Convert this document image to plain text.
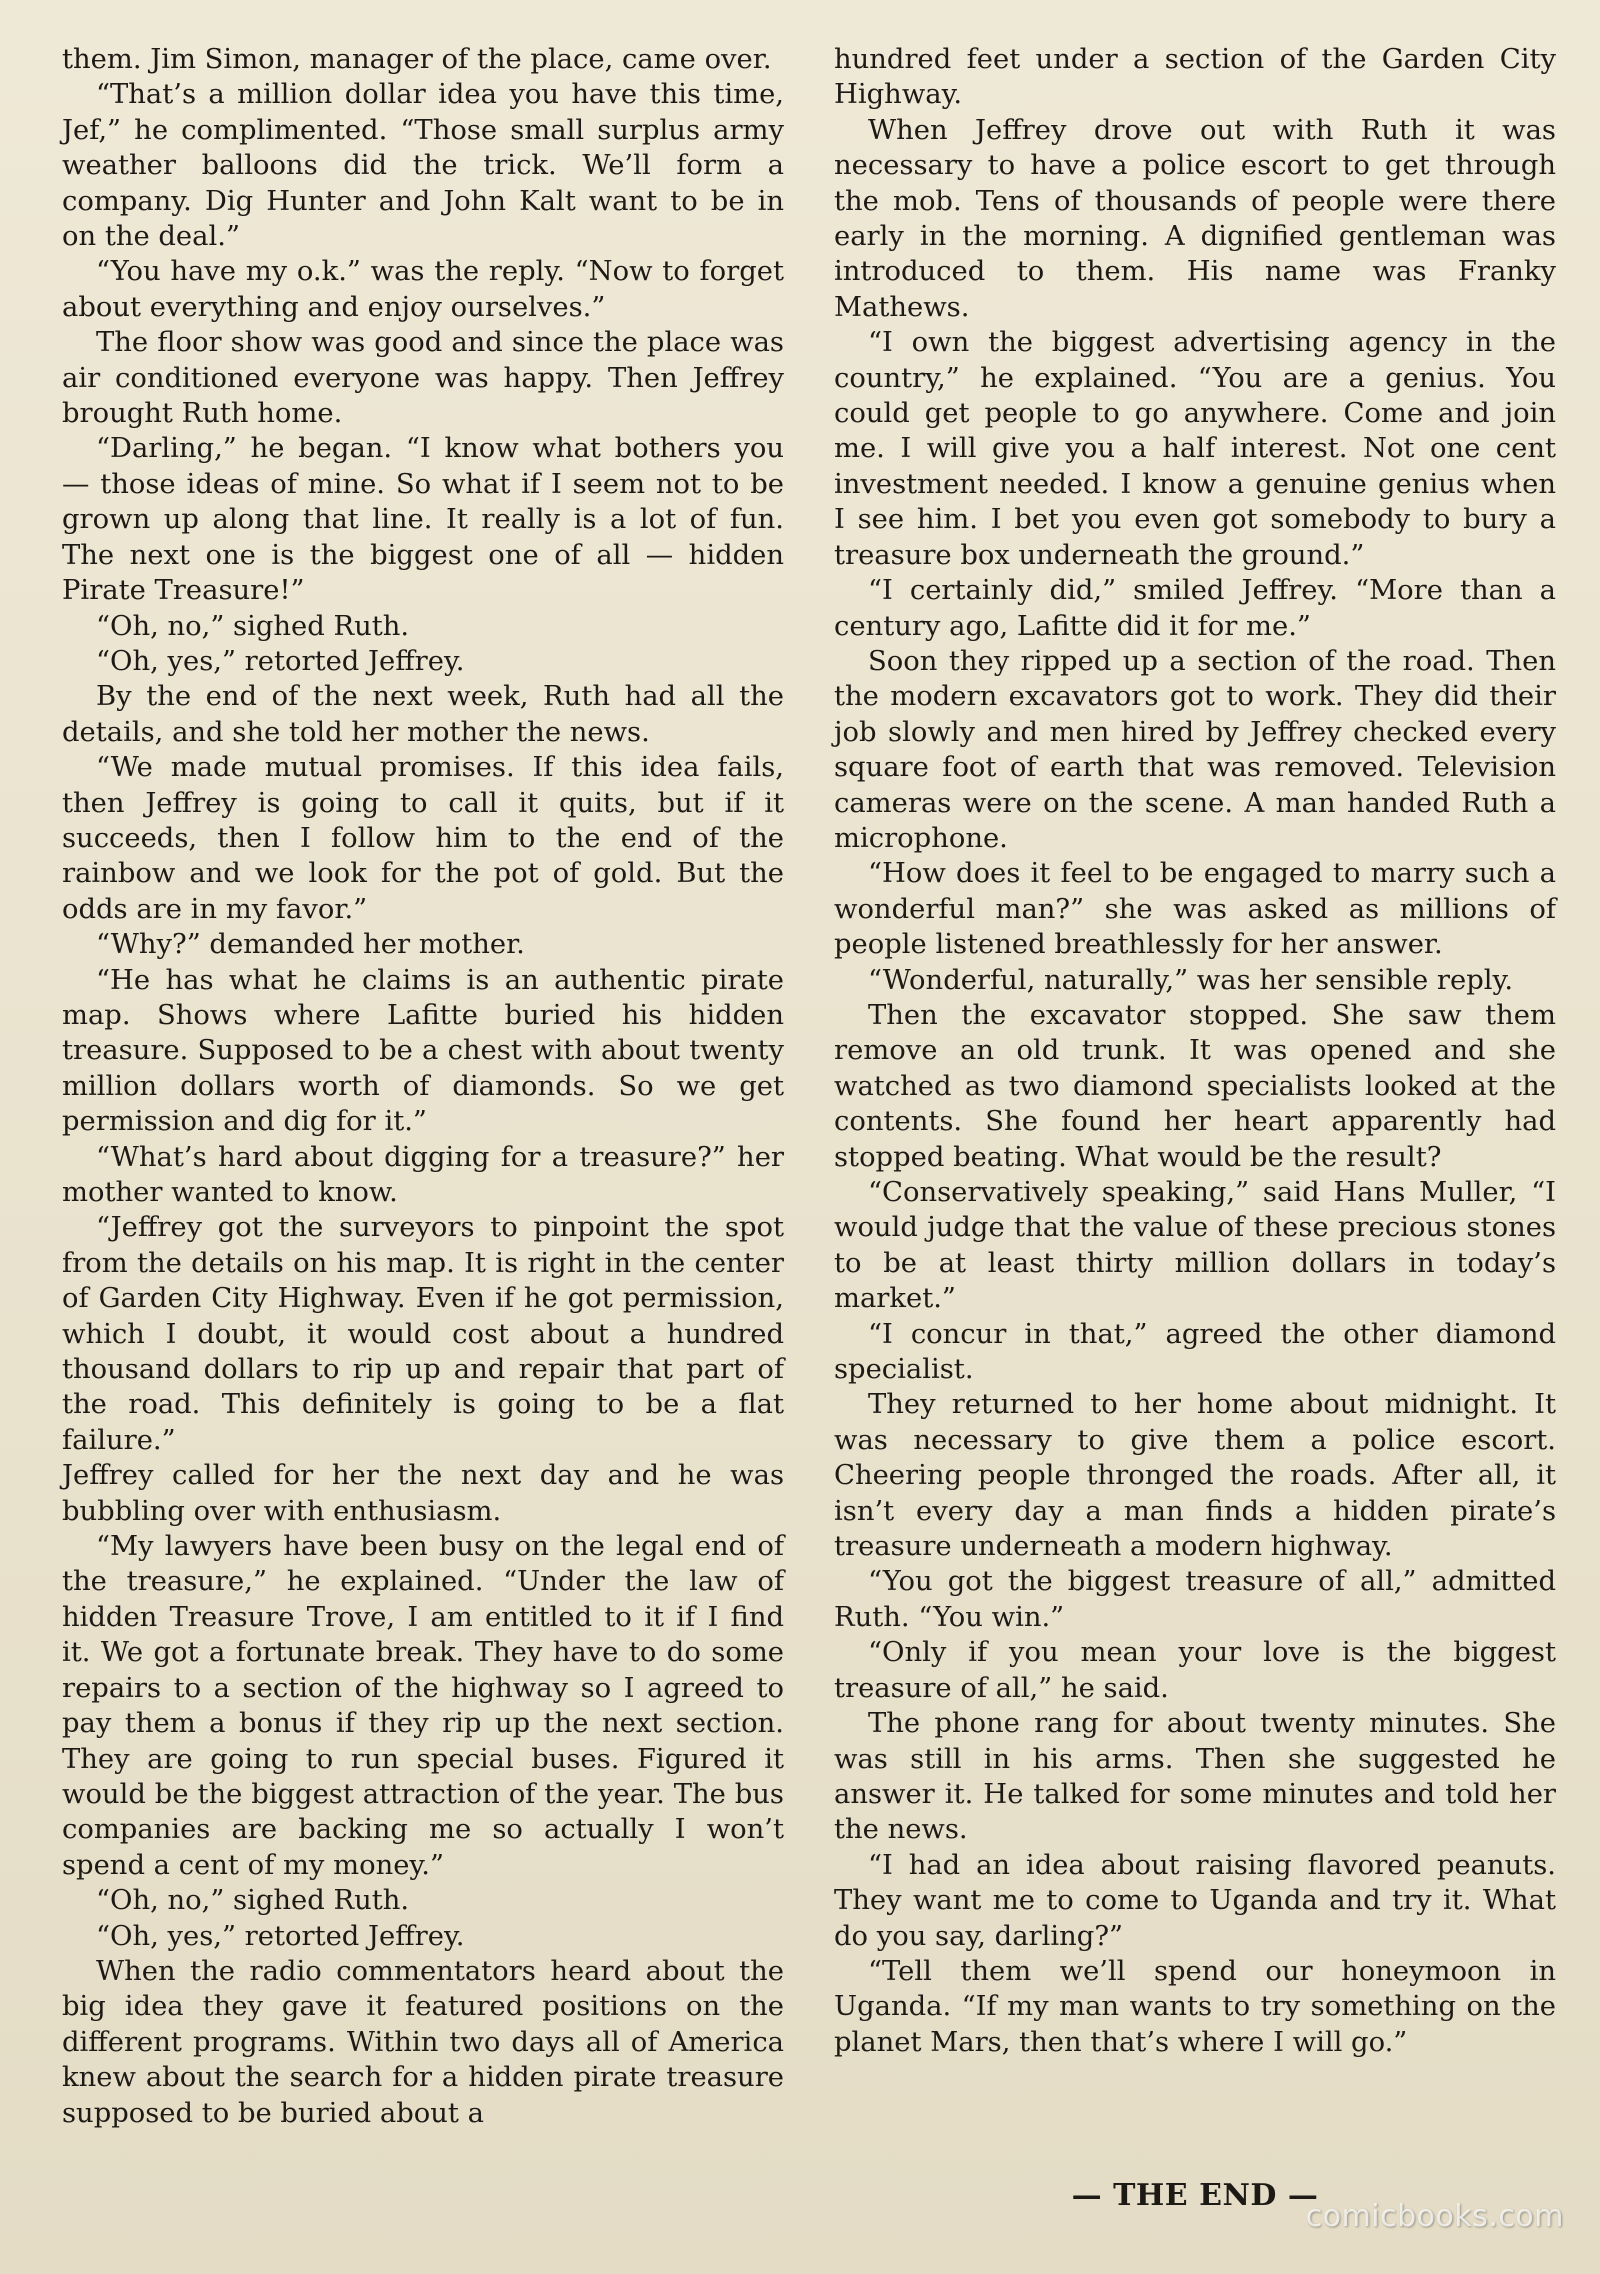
them. Jim Simon, manager of the place, came over.

“That’s a million dollar idea you have this time, Jef,” he complimented. “Those small surplus army weather balloons did the trick. We’ll form a company. Dig Hunter and John Kalt want to be in on the deal.”

“You have my o.k.” was the reply. “Now to forget about everything and enjoy ourselves.”

The floor show was good and since the place was air conditioned everyone was happy. Then Jeffrey brought Ruth home.

“Darling,” he began. “I know what bothers you — those ideas of mine. So what if I seem not to be grown up along that line. It really is a lot of fun. The next one is the biggest one of all — hidden Pirate Treasure!”

“Oh, no,” sighed Ruth.

“Oh, yes,” retorted Jeffrey.

By the end of the next week, Ruth had all the details, and she told her mother the news.

“We made mutual promises. If this idea fails, then Jeffrey is going to call it quits, but if it succeeds, then I follow him to the end of the rainbow and we look for the pot of gold. But the odds are in my favor.”

“Why?” demanded her mother.

“He has what he claims is an authentic pirate map. Shows where Lafitte buried his hidden treasure. Supposed to be a chest with about twenty million dollars worth of diamonds. So we get permission and dig for it.”

“What’s hard about digging for a treasure?” her mother wanted to know.

“Jeffrey got the surveyors to pinpoint the spot from the details on his map. It is right in the center of Garden City Highway. Even if he got permission, which I doubt, it would cost about a hundred thousand dollars to rip up and repair that part of the road. This definitely is going to be a flat failure.”

Jeffrey called for her the next day and he was bubbling over with enthusiasm.

“My lawyers have been busy on the legal end of the treasure,” he explained. “Under the law of hidden Treasure Trove, I am entitled to it if I find it. We got a fortunate break. They have to do some repairs to a section of the highway so I agreed to pay them a bonus if they rip up the next section. They are going to run special buses. Figured it would be the biggest attraction of the year. The bus companies are backing me so actually I won’t spend a cent of my money.”

“Oh, no,” sighed Ruth.

“Oh, yes,” retorted Jeffrey.

When the radio commentators heard about the big idea they gave it featured positions on the different programs. Within two days all of America knew about the search for a hidden pirate treasure supposed to be buried about a

hundred feet under a section of the Garden City Highway.

When Jeffrey drove out with Ruth it was necessary to have a police escort to get through the mob. Tens of thousands of people were there early in the morning. A dignified gentleman was introduced to them. His name was Franky Mathews.

“I own the biggest advertising agency in the country,” he explained. “You are a genius. You could get people to go anywhere. Come and join me. I will give you a half interest. Not one cent investment needed. I know a genuine genius when I see him. I bet you even got somebody to bury a treasure box underneath the ground.”

“I certainly did,” smiled Jeffrey. “More than a century ago, Lafitte did it for me.”

Soon they ripped up a section of the road. Then the modern excavators got to work. They did their job slowly and men hired by Jeffrey checked every square foot of earth that was removed. Television cameras were on the scene. A man handed Ruth a microphone.

“How does it feel to be engaged to marry such a wonderful man?” she was asked as millions of people listened breathlessly for her answer.

“Wonderful, naturally,” was her sensible reply.

Then the excavator stopped. She saw them remove an old trunk. It was opened and she watched as two diamond specialists looked at the contents. She found her heart apparently had stopped beating. What would be the result?

“Conservatively speaking,” said Hans Muller, “I would judge that the value of these precious stones to be at least thirty million dollars in today’s market.”

“I concur in that,” agreed the other diamond specialist.

They returned to her home about midnight. It was necessary to give them a police escort. Cheering people thronged the roads. After all, it isn’t every day a man finds a hidden pirate’s treasure underneath a modern highway.

“You got the biggest treasure of all,” admitted Ruth. “You win.”

“Only if you mean your love is the biggest treasure of all,” he said.

The phone rang for about twenty minutes. She was still in his arms. Then she suggested he answer it. He talked for some minutes and told her the news.

“I had an idea about raising flavored peanuts. They want me to come to Uganda and try it. What do you say, darling?”

“Tell them we’ll spend our honeymoon in Uganda. “If my man wants to try something on the planet Mars, then that’s where I will go.”

— THE END —
comicbooks.com
